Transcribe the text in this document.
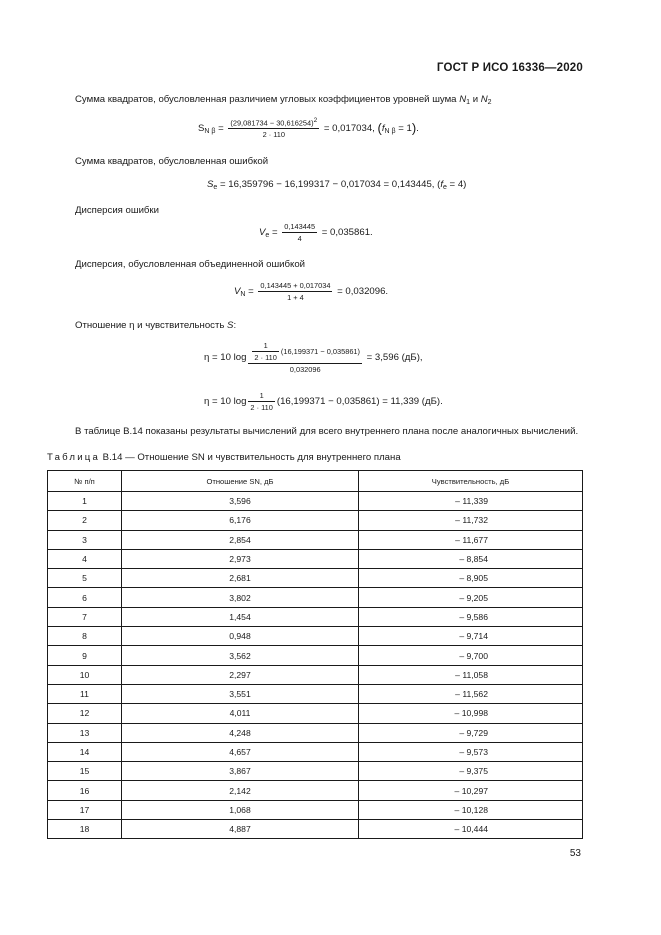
ГОСТ Р ИСО 16336—2020
Сумма квадратов, обусловленная различием угловых коэффициентов уровней шума $N_1$ и $N_2$
$S_{N \beta} = \frac{(29,081734 - 30,616254)^2}{2 \cdot 110} = 0,017034$, $(f_{N \beta} = 1)$.
Сумма квадратов, обусловленная ошибкой
$S_e = 16,359796 - 16,199317 - 0,017034 = 0,143445$, $(f_e = 4)$
Дисперсия ошибки
$V_e = \frac{0,143445}{4} = 0,035861$.
Дисперсия, обусловленная объединенной ошибкой
$V_N = \frac{0,143445 + 0,017034}{1 + 4} = 0,032096$.
Отношение η и чувствительность S:
η = 10 $\log \frac{\frac{1}{2 \cdot 110} (16,199371 - 0,035861)}{0,032096} = 3,596$ (дБ),
η = 10 $\log \frac{1}{2 \cdot 110} (16,199371 - 0,035861) = 11,339$ (дБ).
В таблице В.14 показаны результаты вычислений для всего внутреннего плана после аналогичных вычислений.
Таблица В.14 — Отношение SN и чувствительность для внутреннего плана
№ п/п	Отношение SN, дБ	Чувствительность, дБ
1	3,596	– 11,339
2	6,176	– 11,732
3	2,854	– 11,677
4	2,973	– 8,854
5	2,681	– 8,905
6	3,802	– 9,205
7	1,454	– 9,586
8	0,948	– 9,714
9	3,562	– 9,700
10	2,297	– 11,058
11	3,551	– 11,562
12	4,011	– 10,998
13	4,248	– 9,729
14	4,657	– 9,573
15	3,867	– 9,375
16	2,142	– 10,297
17	1,068	– 10,128
18	4,887	– 10,444
53
